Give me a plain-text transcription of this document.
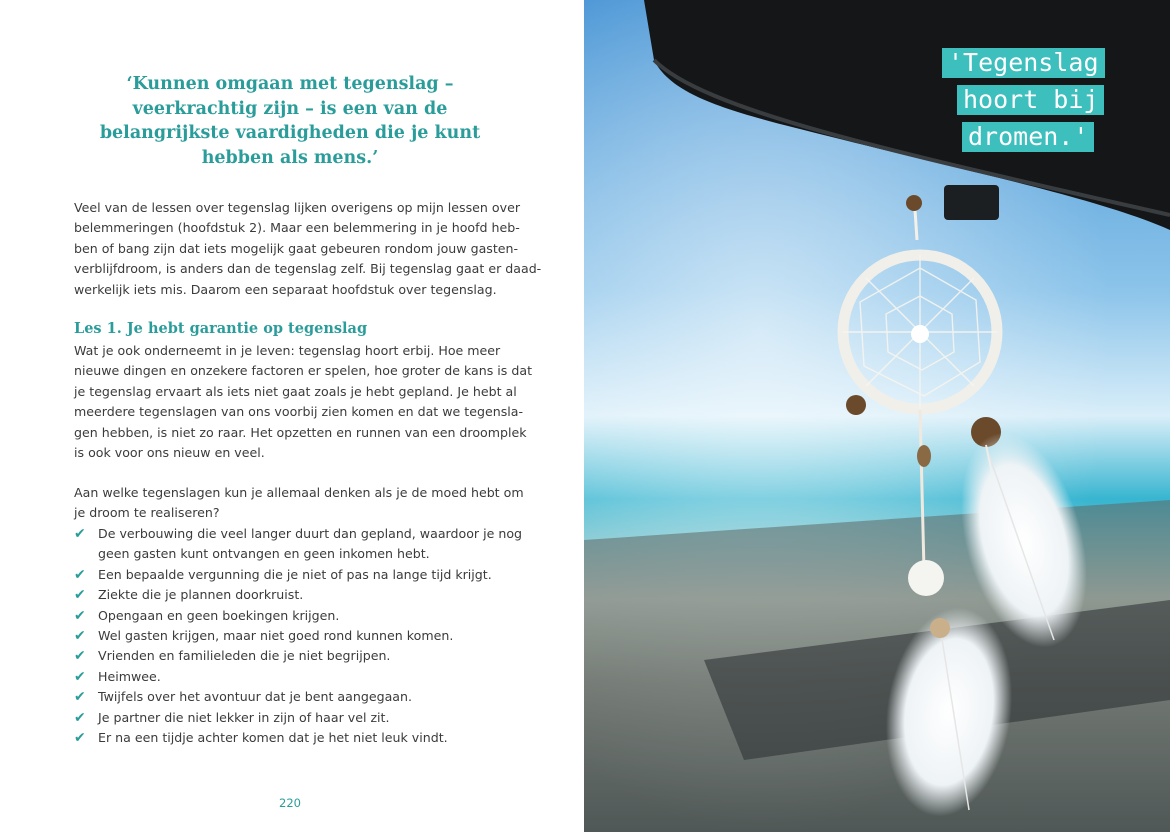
‘Kunnen omgaan met tegenslag –
veerkrachtig zijn – is een van de
belangrijkste vaardigheden die je kunt
hebben als mens.’
Veel van de lessen over tegenslag lijken overigens op mijn lessen over
belemmeringen (hoofdstuk 2). Maar een belemmering in je hoofd heb-
ben of bang zijn dat iets mogelijk gaat gebeuren rondom jouw gasten-
verblijfdroom, is anders dan de tegenslag zelf. Bij tegenslag gaat er daad-
werkelijk iets mis. Daarom een separaat hoofdstuk over tegenslag.
Les 1. Je hebt garantie op tegenslag
Wat je ook onderneemt in je leven: tegenslag hoort erbij. Hoe meer
nieuwe dingen en onzekere factoren er spelen, hoe groter de kans is dat
je tegenslag ervaart als iets niet gaat zoals je hebt gepland. Je hebt al
meerdere tegenslagen van ons voorbij zien komen en dat we tegensla-
gen hebben, is niet zo raar. Het opzetten en runnen van een droomplek
is ook voor ons nieuw en veel.
Aan welke tegenslagen kun je allemaal denken als je de moed hebt om
je droom te realiseren?
✔ De verbouwing die veel langer duurt dan gepland, waardoor je nog
geen gasten kunt ontvangen en geen inkomen hebt.
✔ Een bepaalde vergunning die je niet of pas na lange tijd krijgt.
✔ Ziekte die je plannen doorkruist.
✔ Opengaan en geen boekingen krijgen.
✔ Wel gasten krijgen, maar niet goed rond kunnen komen.
✔ Vrienden en familieleden die je niet begrijpen.
✔ Heimwee.
✔ Twijfels over het avontuur dat je bent aangegaan.
✔ Je partner die niet lekker in zijn of haar vel zit.
✔ Er na een tijdje achter komen dat je het niet leuk vindt.
220
'Tegenslag
hoort bij
dromen.'
